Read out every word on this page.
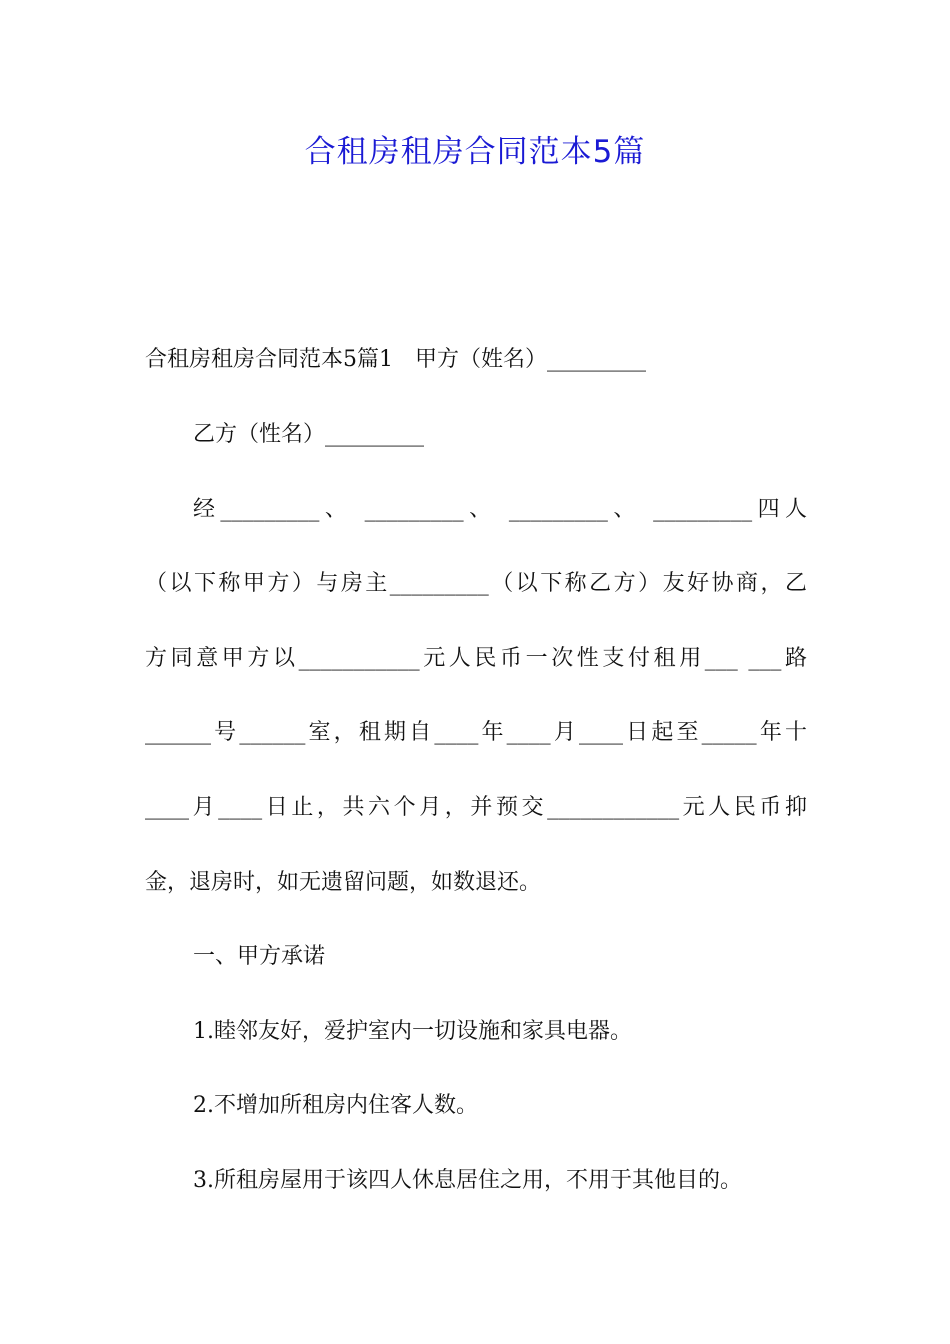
合租房租房合同范本5篇
合租房租房合同范本5篇1　甲方（姓名）_________
乙方（性名）_________
经_________、 _________、 _________、 _________四人
（以下称甲方）与房主_________（以下称乙方）友好协商，乙
方同意甲方以___________元人民币一次性支付租用___ ___路
______号______室，租期自____年____月____日起至_____年十
____月____日止，共六个月，并预交____________元人民币抑
金，退房时，如无遗留问题，如数退还。
一、甲方承诺
1.睦邻友好，爱护室内一切设施和家具电器。
2.不增加所租房内住客人数。
3.所租房屋用于该四人休息居住之用，不用于其他目的。
